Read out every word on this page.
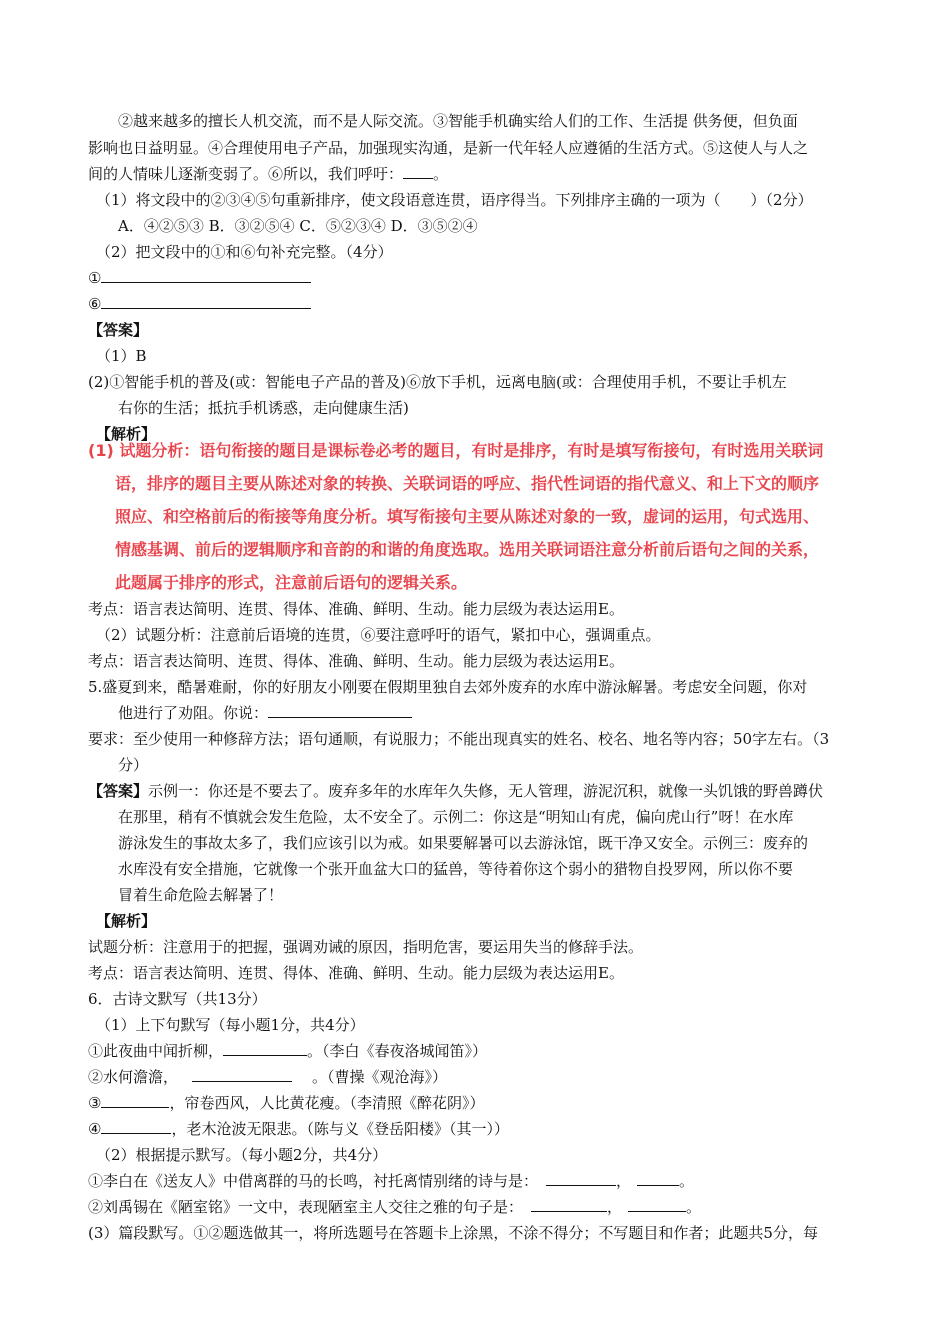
②越来越多的擅长人机交流，而不是人际交流。③智能手机确实给人们的工作、生活提 供务便，但负面
影响也日益明显。④合理使用电子产品，加强现实沟通，是新一代年轻人应遵循的生活方式。⑤这使人与人之
间的人情味儿逐渐变弱了。⑥所以，我们呼吁： 。
（1）将文段中的②③④⑤句重新排序，使文段语意连贯，语序得当。下列排序主确的一项为（　　）（2分）
A．④②⑤③ B．③②⑤④ C．⑤②③④ D．③⑤②④
（2）把文段中的①和⑥句补充完整。（4分）
①
⑥
【答案】
（1）B
(2)①智能手机的普及(或：智能电子产品的普及)⑥放下手机，远离电脑(或：合理使用手机，不要让手机左
右你的生活；抵抗手机诱惑，走向健康生活)
【解析】
(1) 试题分析：语句衔接的题目是课标卷必考的题目，有时是排序，有时是填写衔接句，有时选用关联词
语，排序的题目主要从陈述对象的转换、关联词语的呼应、指代性词语的指代意义、和上下文的顺序
照应、和空格前后的衔接等角度分析。填写衔接句主要从陈述对象的一致，虚词的运用，句式选用、
情感基调、前后的逻辑顺序和音韵的和谐的角度选取。选用关联词语注意分析前后语句之间的关系，
此题属于排序的形式，注意前后语句的逻辑关系。
考点：语言表达简明、连贯、得体、准确、鲜明、生动。能力层级为表达运用E。
（2）试题分析：注意前后语境的连贯，⑥要注意呼吁的语气，紧扣中心，强调重点。
考点：语言表达简明、连贯、得体、准确、鲜明、生动。能力层级为表达运用E。
5.盛夏到来，酷暑难耐，你的好朋友小刚要在假期里独自去郊外废弃的水库中游泳解暑。考虑安全问题，你对
他进行了劝阻。你说：
要求：至少使用一种修辞方法；语句通顺，有说服力；不能出现真实的姓名、校名、地名等内容；50字左右。（3
分）
【答案】示例一：你还是不要去了。废弃多年的水库年久失修，无人管理，游泥沉积，就像一头饥饿的野兽蹲伏
在那里，稍有不慎就会发生危险，太不安全了。示例二：你这是“明知山有虎，偏向虎山行”呀！在水库
游泳发生的事故太多了，我们应该引以为戒。如果要解暑可以去游泳馆，既干净又安全。示例三：废弃的
水库没有安全措施，它就像一个张开血盆大口的猛兽，等待着你这个弱小的猎物自投罗网，所以你不要
冒着生命危险去解暑了！
【解析】
试题分析：注意用于的把握，强调劝诫的原因，指明危害，要运用失当的修辞手法。
考点：语言表达简明、连贯、得体、准确、鲜明、生动。能力层级为表达运用E。
6．古诗文默写（共13分）
（1）上下句默写（每小题1分，共4分）
①此夜曲中闻折柳，	。（李白《春夜洛城闻笛》）
②水何澹澹，	。（曹操《观沧海》）
③	，帘卷西风，人比黄花瘦。（李清照《醉花阴》）
④	，老木沧波无限悲。（陈与义《登岳阳楼》（其一））
（2）根据提示默写。（每小题2分，共4分）
①李白在《送友人》中借离群的马的长鸣，衬托离情别绪的诗与是：	，	。
②刘禹锡在《陋室铭》一文中，表现陋室主人交往之雅的句子是：	，	。
(3）篇段默写。①②题选做其一，将所选题号在答题卡上涂黑，不涂不得分；不写题目和作者；此题共5分，每
